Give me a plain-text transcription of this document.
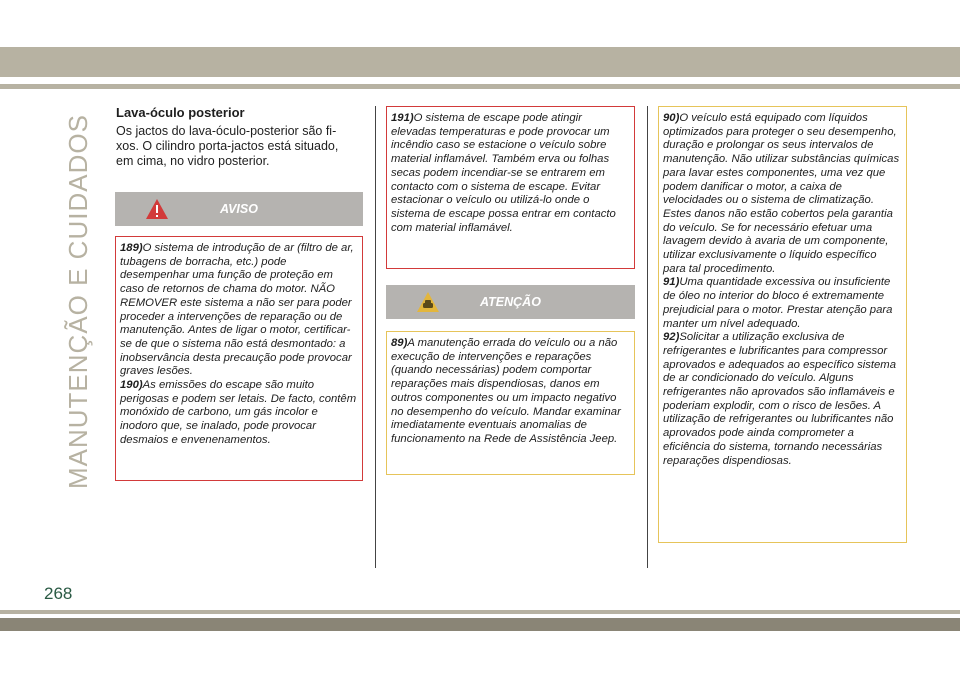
MANUTENÇÃO E CUIDADOS
268
Lava-óculo posterior

Os jactos do lava-óculo-posterior são fi-xos. O cilindro porta-jactos está situado, em cima, no vidro posterior.

AVISO

189)O sistema de introdução de ar (filtro de ar, tubagens de borracha, etc.) pode desempenhar uma função de proteção em caso de retornos de chama do motor. NÃO REMOVER este sistema a não ser para poder proceder a intervenções de reparação ou de manutenção. Antes de ligar o motor, certificar-se de que o sistema não está desmontado: a inobservância desta precaução pode provocar graves lesões.

190)As emissões do escape são muito perigosas e podem ser letais. De facto, contêm monóxido de carbono, um gás incolor e inodoro que, se inalado, pode provocar desmaios e envenenamentos.

191)O sistema de escape pode atingir elevadas temperaturas e pode provocar um incêndio caso se estacione o veículo sobre material inflamável. Também erva ou folhas secas podem incendiar-se se entrarem em contacto com o sistema de escape. Evitar estacionar o veículo ou utilizá-lo onde o sistema de escape possa entrar em contacto com material inflamável.

ATENÇÃO

89)A manutenção errada do veículo ou a não execução de intervenções e reparações (quando necessárias) podem comportar reparações mais dispendiosas, danos em outros componentes ou um impacto negativo no desempenho do veículo. Mandar examinar imediatamente eventuais anomalias de funcionamento na Rede de Assistência Jeep.

90)O veículo está equipado com líquidos optimizados para proteger o seu desempenho, duração e prolongar os seus intervalos de manutenção. Não utilizar substâncias químicas para lavar estes componentes, uma vez que podem danificar o motor, a caixa de velocidades ou o sistema de climatização. Estes danos não estão cobertos pela garantia do veículo. Se for necessário efetuar uma lavagem devido à avaria de um componente, utilizar exclusivamente o líquido específico para tal procedimento.

91)Uma quantidade excessiva ou insuficiente de óleo no interior do bloco é extremamente prejudicial para o motor. Prestar atenção para manter um nível adequado.

92)Solicitar a utilização exclusiva de refrigerantes e lubrificantes para compressor aprovados e adequados ao específico sistema de ar condicionado do veículo. Alguns refrigerantes não aprovados são inflamáveis e poderiam explodir, com o risco de lesões. A utilização de refrigerantes ou lubrificantes não aprovados pode ainda comprometer a eficiência do sistema, tornando necessárias reparações dispendiosas.
